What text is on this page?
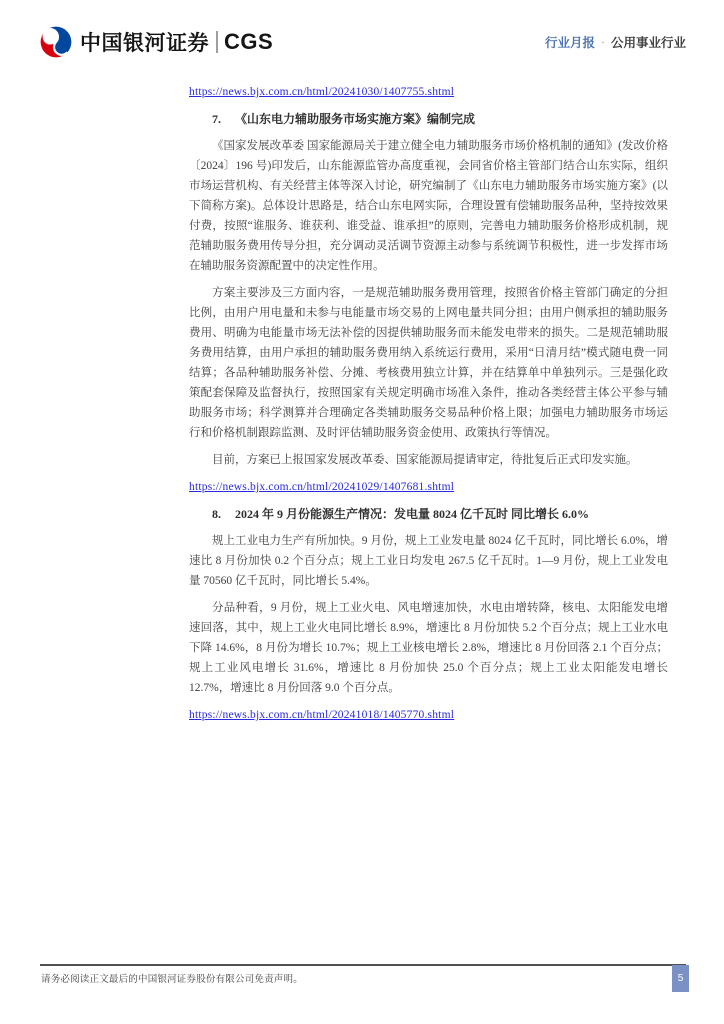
中国银河证券 CGS	行业月报 · 公用事业行业
https://news.bjx.com.cn/html/20241030/1407755.shtml
7. 《山东电力辅助服务市场实施方案》编制完成

《国家发展改革委 国家能源局关于建立健全电力辅助服务市场价格机制的通知》(发改价格〔2024〕196 号)印发后，山东能源监管办高度重视，会同省价格主管部门结合山东实际，组织市场运营机构、有关经营主体等深入讨论，研究编制了《山东电力辅助服务市场实施方案》(以下简称方案)。总体设计思路是，结合山东电网实际，合理设置有偿辅助服务品种，坚持按效果付费，按照“谁服务、谁获利、谁受益、谁承担”的原则，完善电力辅助服务价格形成机制，规范辅助服务费用传导分担，充分调动灵活调节资源主动参与系统调节积极性，进一步发挥市场在辅助服务资源配置中的决定性作用。

方案主要涉及三方面内容，一是规范辅助服务费用管理，按照省价格主管部门确定的分担比例，由用户用电量和未参与电能量市场交易的上网电量共同分担；由用户侧承担的辅助服务费用、明确为电能量市场无法补偿的因提供辅助服务而未能发电带来的损失。二是规范辅助服务费用结算，由用户承担的辅助服务费用纳入系统运行费用，采用“日清月结”模式随电费一同结算；各品种辅助服务补偿、分摊、考核费用独立计算，并在结算单中单独列示。三是强化政策配套保障及监督执行，按照国家有关规定明确市场准入条件，推动各类经营主体公平参与辅助服务市场；科学测算并合理确定各类辅助服务交易品种价格上限；加强电力辅助服务市场运行和价格机制跟踪监测、及时评估辅助服务资金使用、政策执行等情况。

目前，方案已上报国家发展改革委、国家能源局提请审定，待批复后正式印发实施。

https://news.bjx.com.cn/html/20241029/1407681.shtml
8. 2024 年 9 月份能源生产情况：发电量 8024 亿千瓦时 同比增长 6.0%

规上工业电力生产有所加快。9 月份，规上工业发电量 8024 亿千瓦时，同比增长 6.0%，增速比 8 月份加快 0.2 个百分点；规上工业日均发电 267.5 亿千瓦时。1—9 月份，规上工业发电量 70560 亿千瓦时，同比增长 5.4%。

分品种看，9 月份，规上工业火电、风电增速加快，水电由增转降，核电、太阳能发电增速回落，其中，规上工业火电同比增长 8.9%，增速比 8 月份加快 5.2 个百分点；规上工业水电下降 14.6%，8 月份为增长 10.7%；规上工业核电增长 2.8%，增速比 8 月份回落 2.1 个百分点；规上工业风电增长 31.6%，增速比 8 月份加快 25.0 个百分点；规上工业太阳能发电增长 12.7%，增速比 8 月份回落 9.0 个百分点。

https://news.bjx.com.cn/html/20241018/1405770.shtml
请务必阅读正文最后的中国银河证券股份有限公司免责声明。	5
